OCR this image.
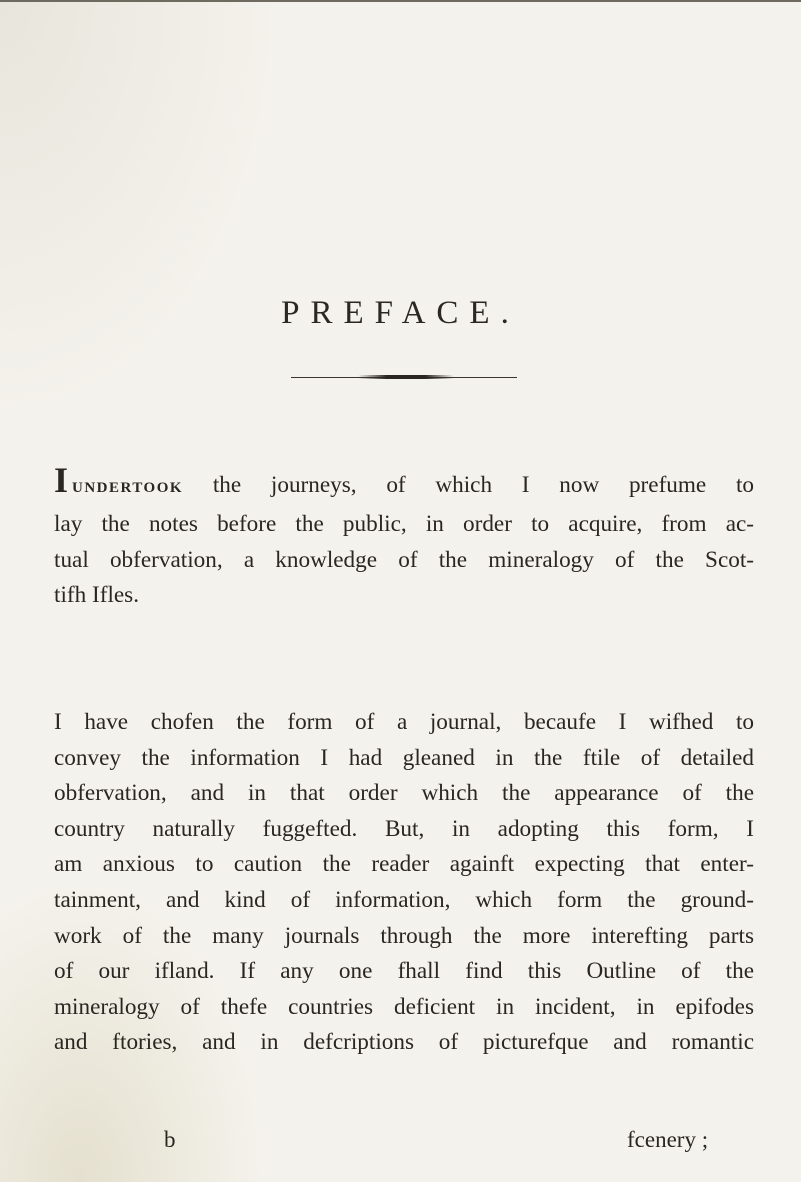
PREFACE.
IUNDERTOOK the journeys, of which I now prefume to
lay the notes before the public, in order to acquire, from ac-
tual obfervation, a knowledge of the mineralogy of the Scot-
tifh Ifles.
I have chofen the form of a journal, becaufe I wifhed to
convey the information I had gleaned in the ftile of detailed
obfervation, and in that order which the appearance of the
country naturally fuggefted. But, in adopting this form, I
am anxious to caution the reader againft expecting that enter-
tainment, and kind of information, which form the ground-
work of the many journals through the more interefting parts
of our ifland. If any one fhall find this Outline of the
mineralogy of thefe countries deficient in incident, in epifodes
and ftories, and in defcriptions of picturefque and romantic
b	fcenery ;
